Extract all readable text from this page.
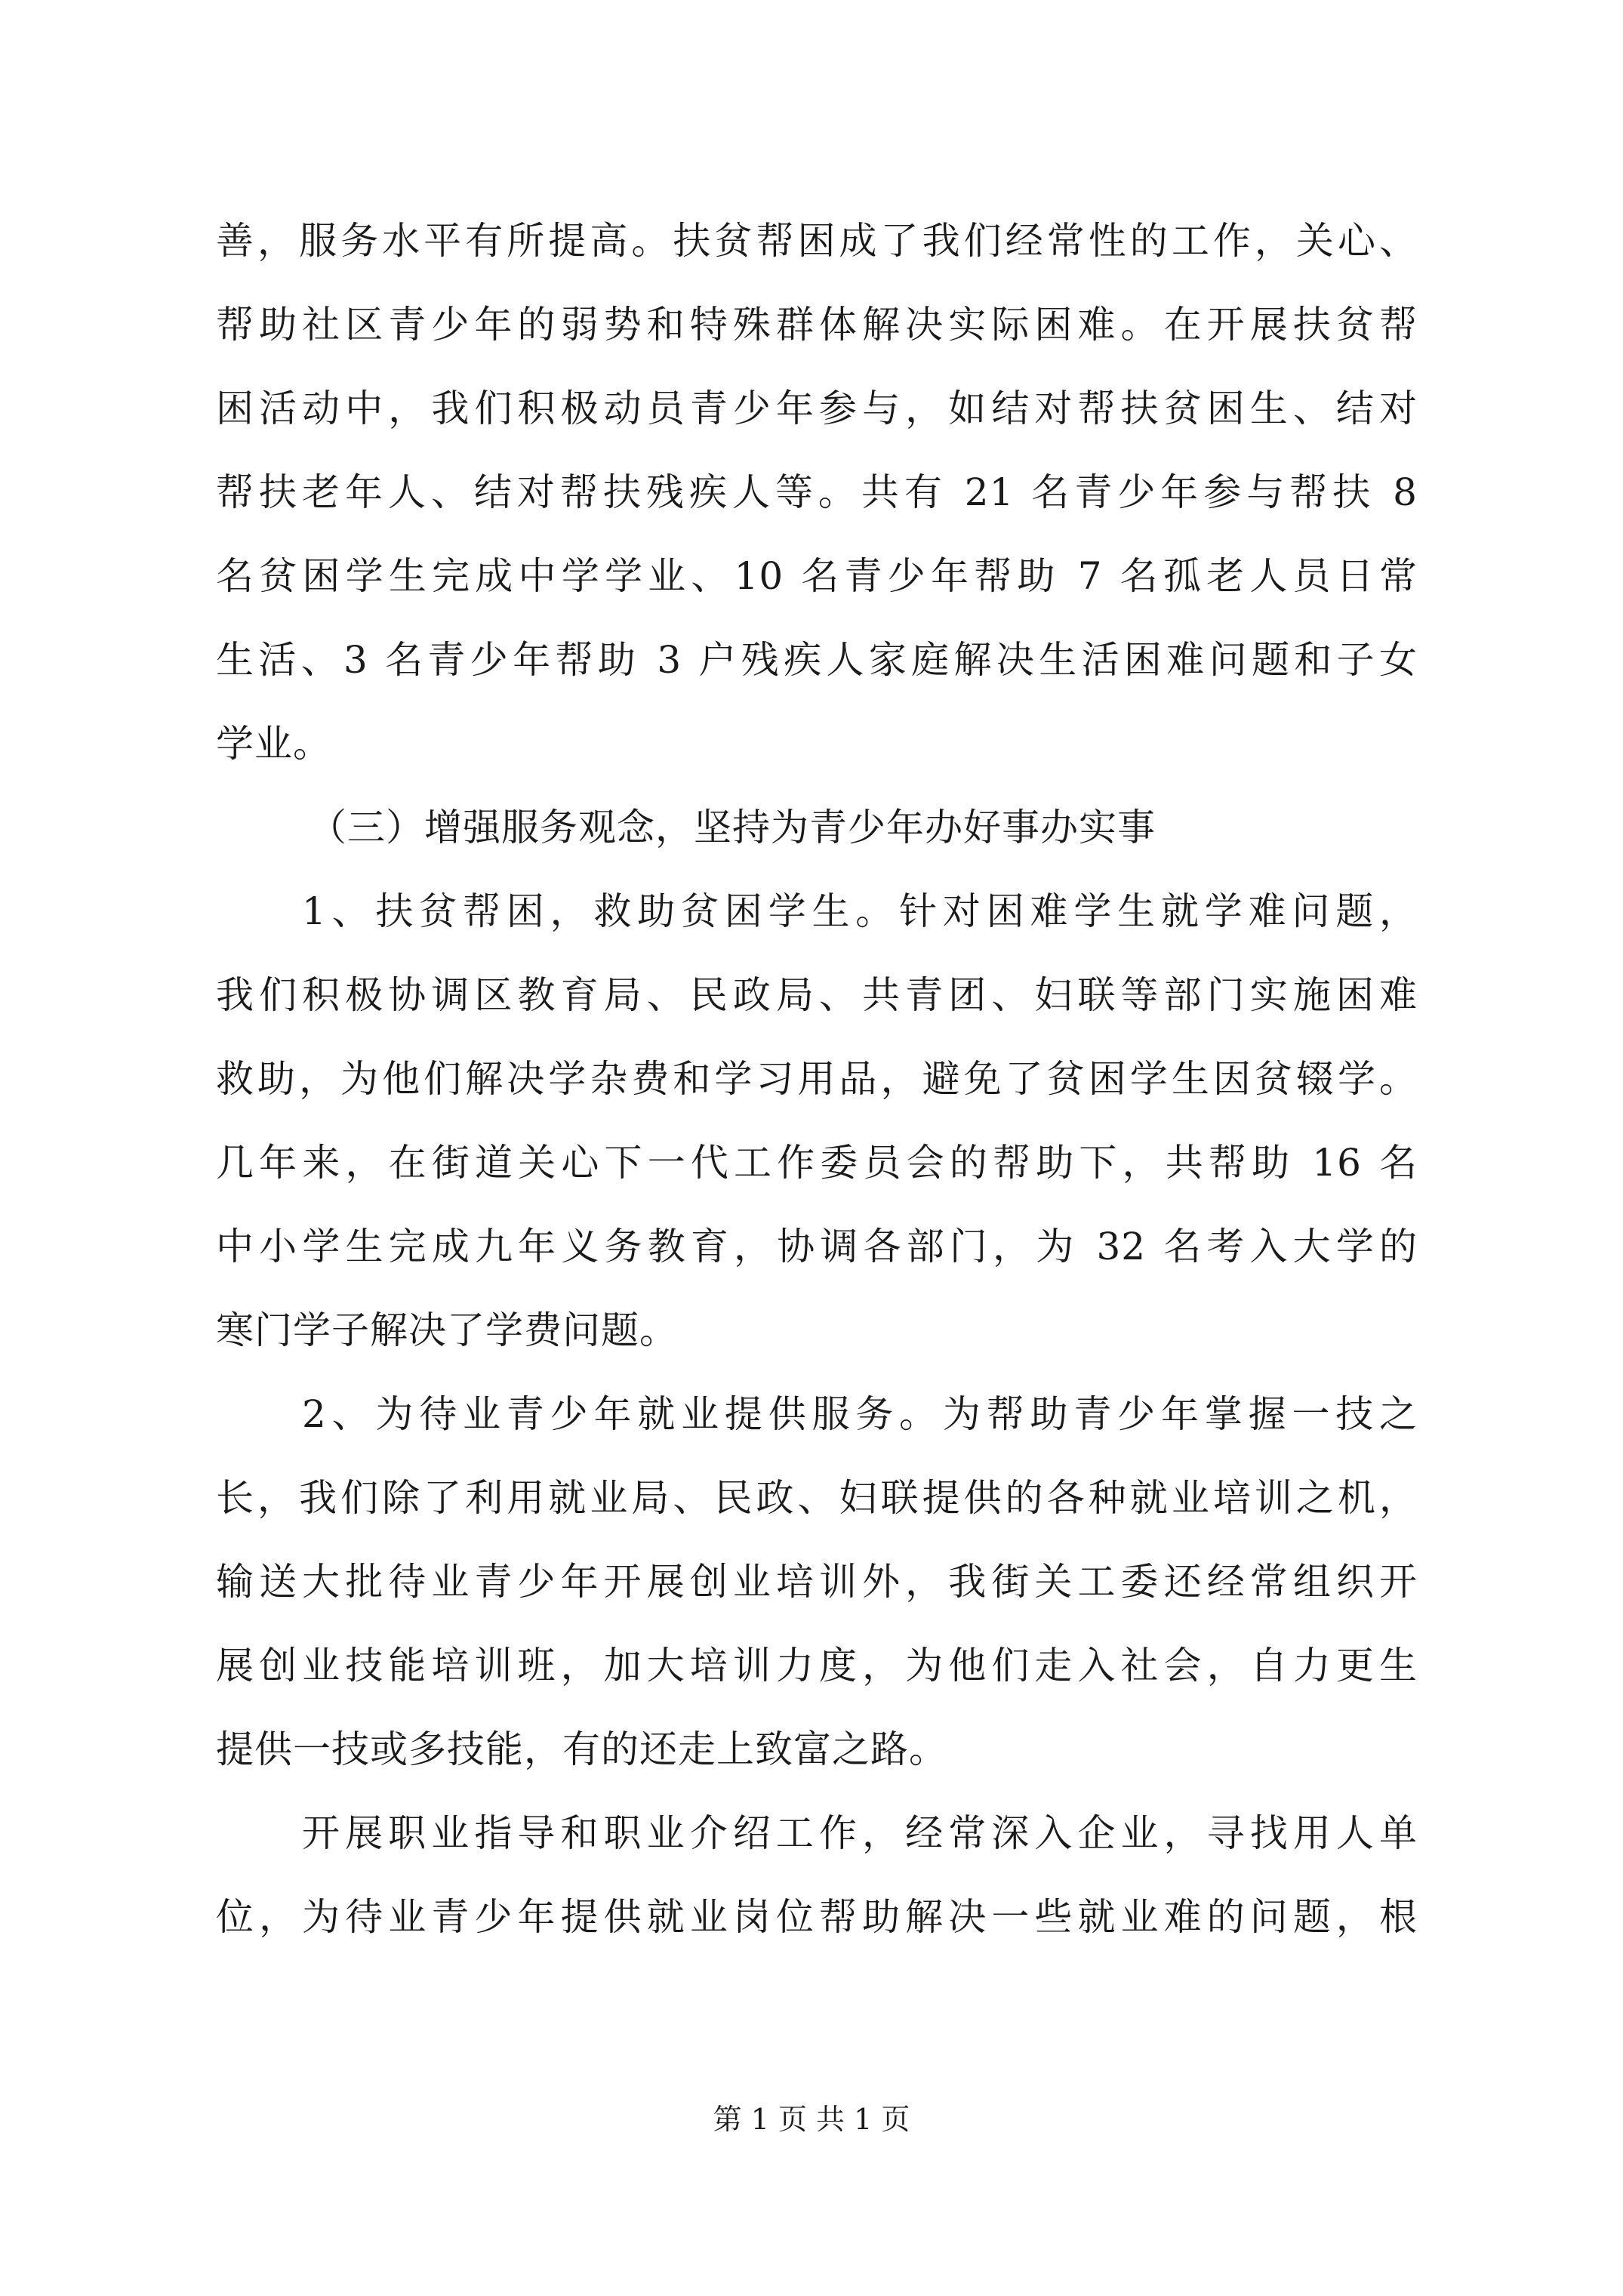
善，服务水平有所提高。扶贫帮困成了我们经常性的工作，关心、
帮助社区青少年的弱势和特殊群体解决实际困难。在开展扶贫帮
困活动中，我们积极动员青少年参与，如结对帮扶贫困生、结对
帮扶老年人、结对帮扶残疾人等。共有 21 名青少年参与帮扶 8
名贫困学生完成中学学业、10 名青少年帮助 7 名孤老人员日常
生活、3 名青少年帮助 3 户残疾人家庭解决生活困难问题和子女
学业。
（三）增强服务观念，坚持为青少年办好事办实事
1、扶贫帮困，救助贫困学生。针对困难学生就学难问题，
我们积极协调区教育局、民政局、共青团、妇联等部门实施困难
救助，为他们解决学杂费和学习用品，避免了贫困学生因贫辍学。
几年来，在街道关心下一代工作委员会的帮助下，共帮助 16 名
中小学生完成九年义务教育，协调各部门，为 32 名考入大学的
寒门学子解决了学费问题。
2、为待业青少年就业提供服务。为帮助青少年掌握一技之
长，我们除了利用就业局、民政、妇联提供的各种就业培训之机，
输送大批待业青少年开展创业培训外，我街关工委还经常组织开
展创业技能培训班，加大培训力度，为他们走入社会，自力更生
提供一技或多技能，有的还走上致富之路。
开展职业指导和职业介绍工作，经常深入企业，寻找用人单
位，为待业青少年提供就业岗位帮助解决一些就业难的问题，根
第 1 页 共 1 页
